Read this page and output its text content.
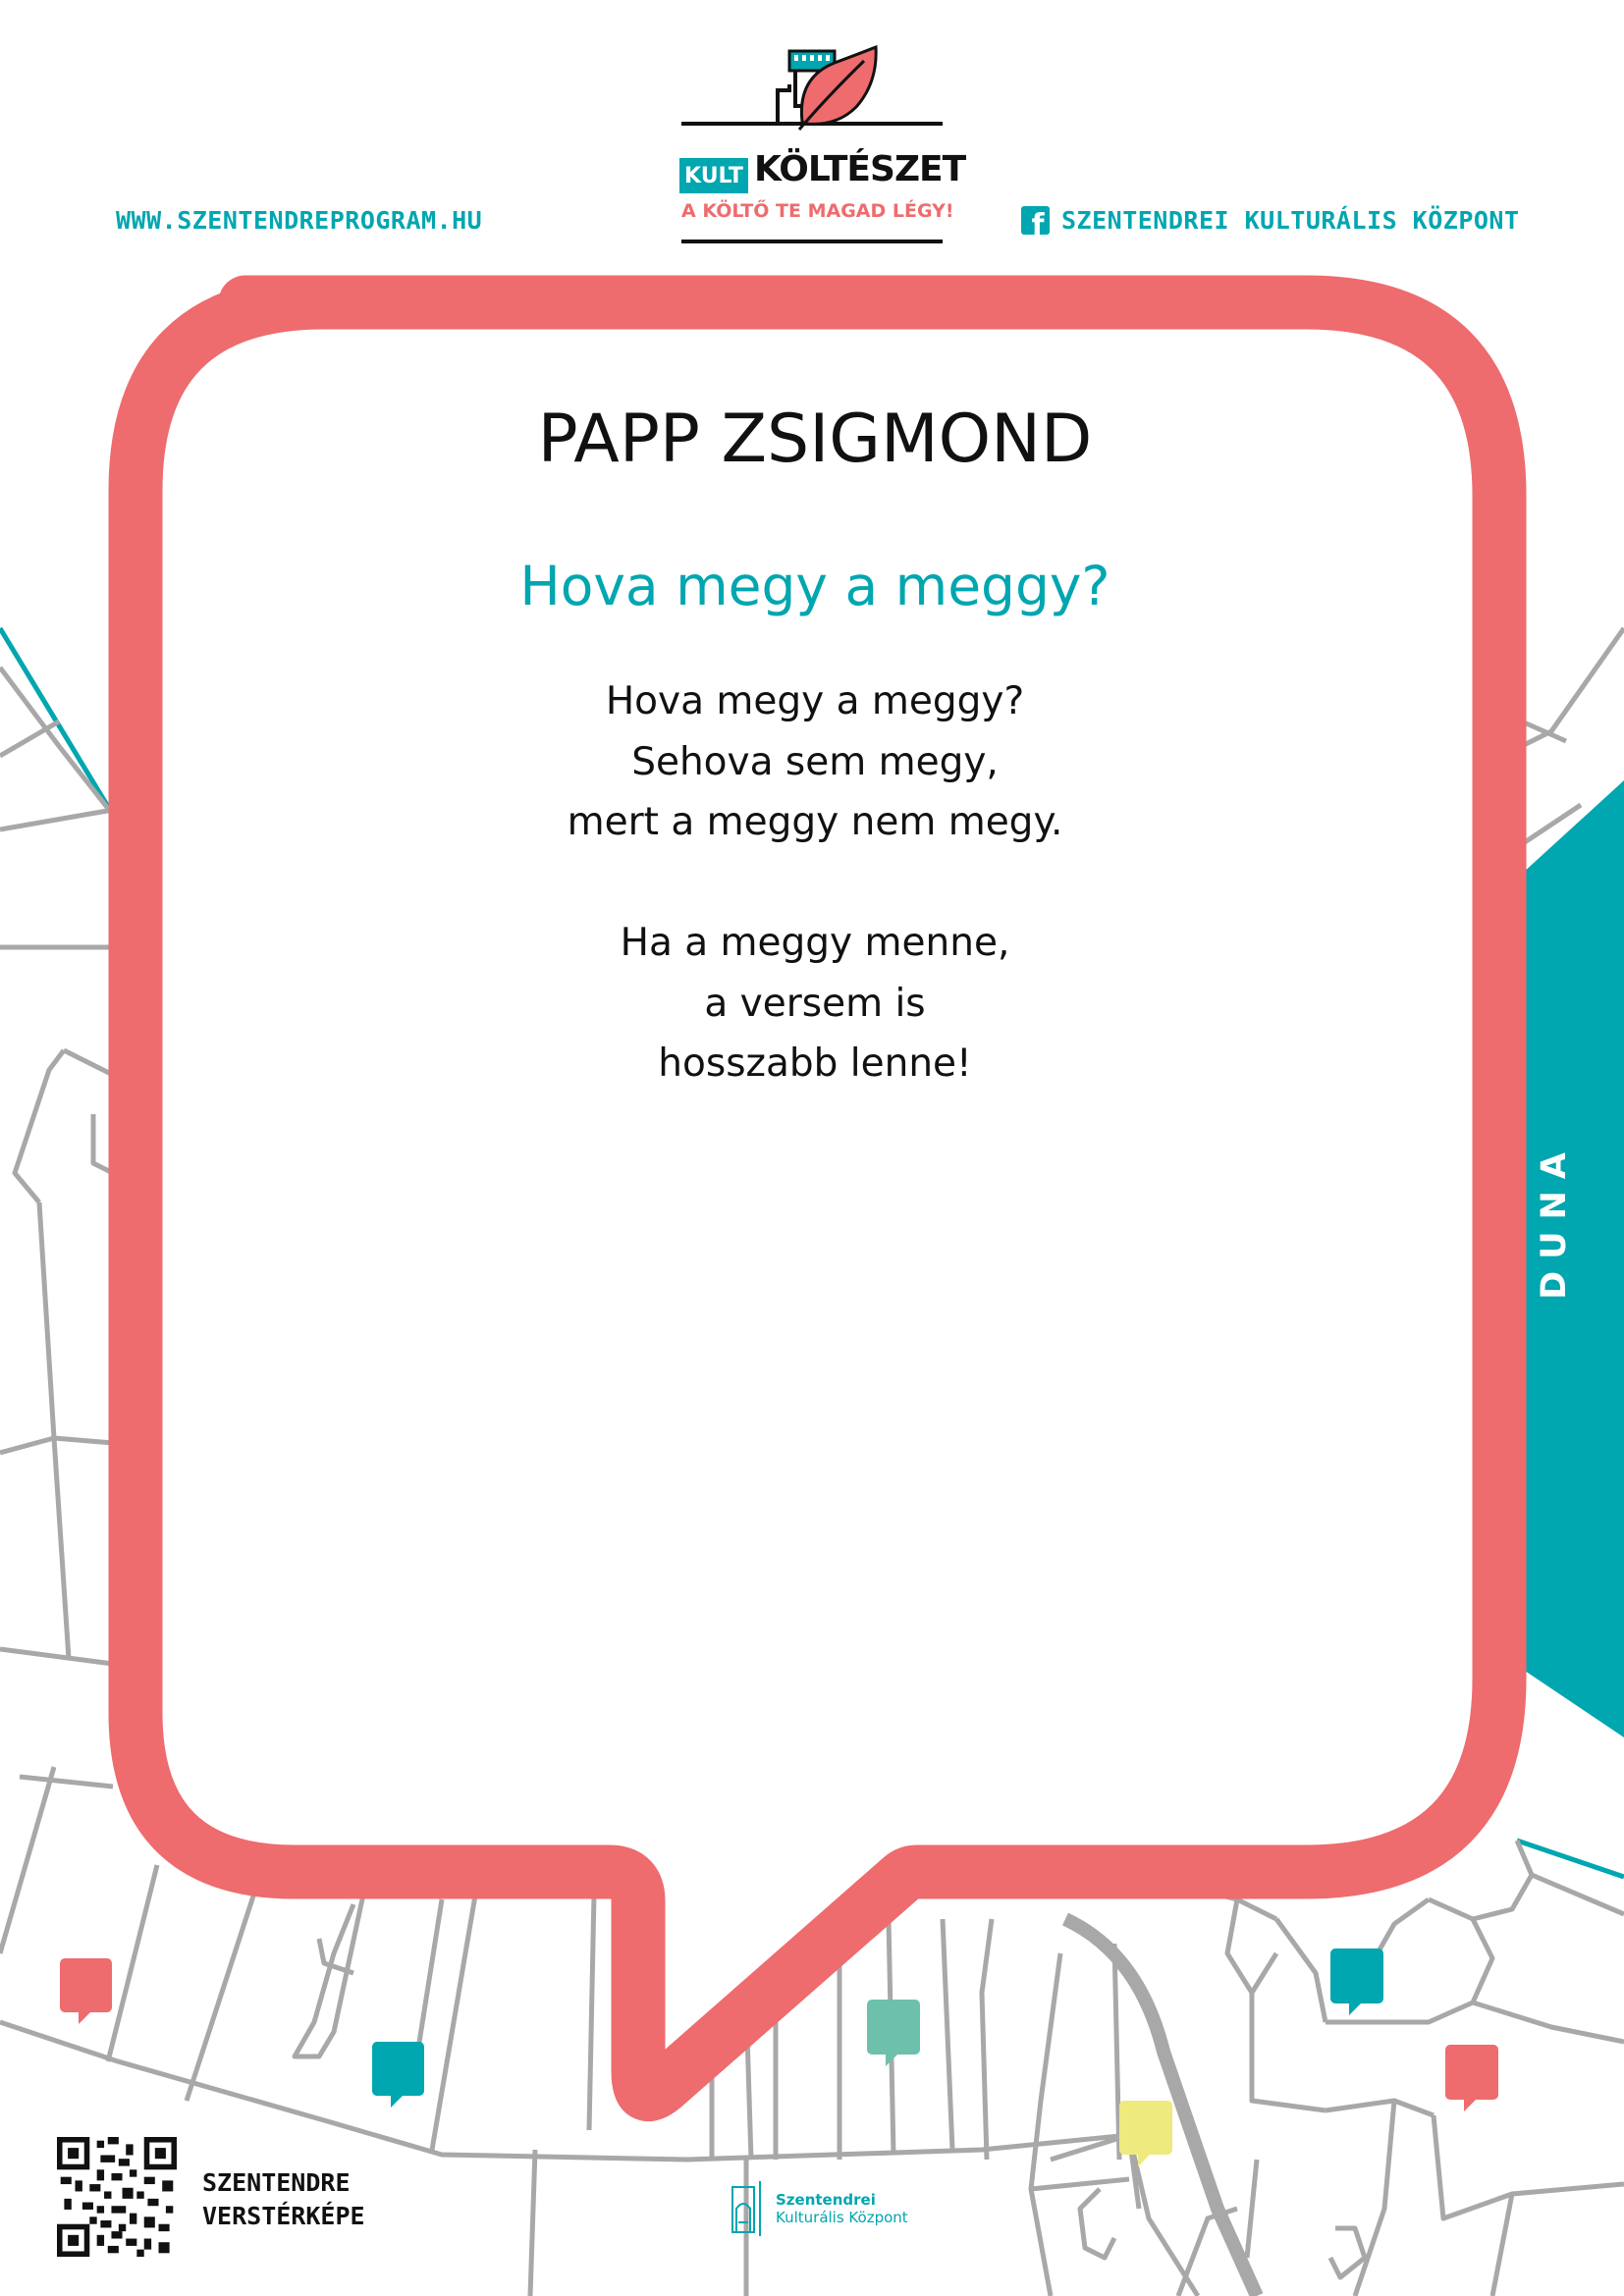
WWW.SZENTENDREPROGRAM.HU	f SZENTENDREI KULTURÁLIS KÖZPONT
KULT KÖLTÉSZET
A KÖLTŐ TE MAGAD LÉGY!
PAPP ZSIGMOND
Hova megy a meggy?
Hova megy a meggy?
Sehova sem megy,
mert a meggy nem megy.
Ha a meggy menne,
a versem is
hosszabb lenne!
DUNA
SZENTENDRE
VERSTÉRKÉPE
Szentendrei
Kulturális Központ
